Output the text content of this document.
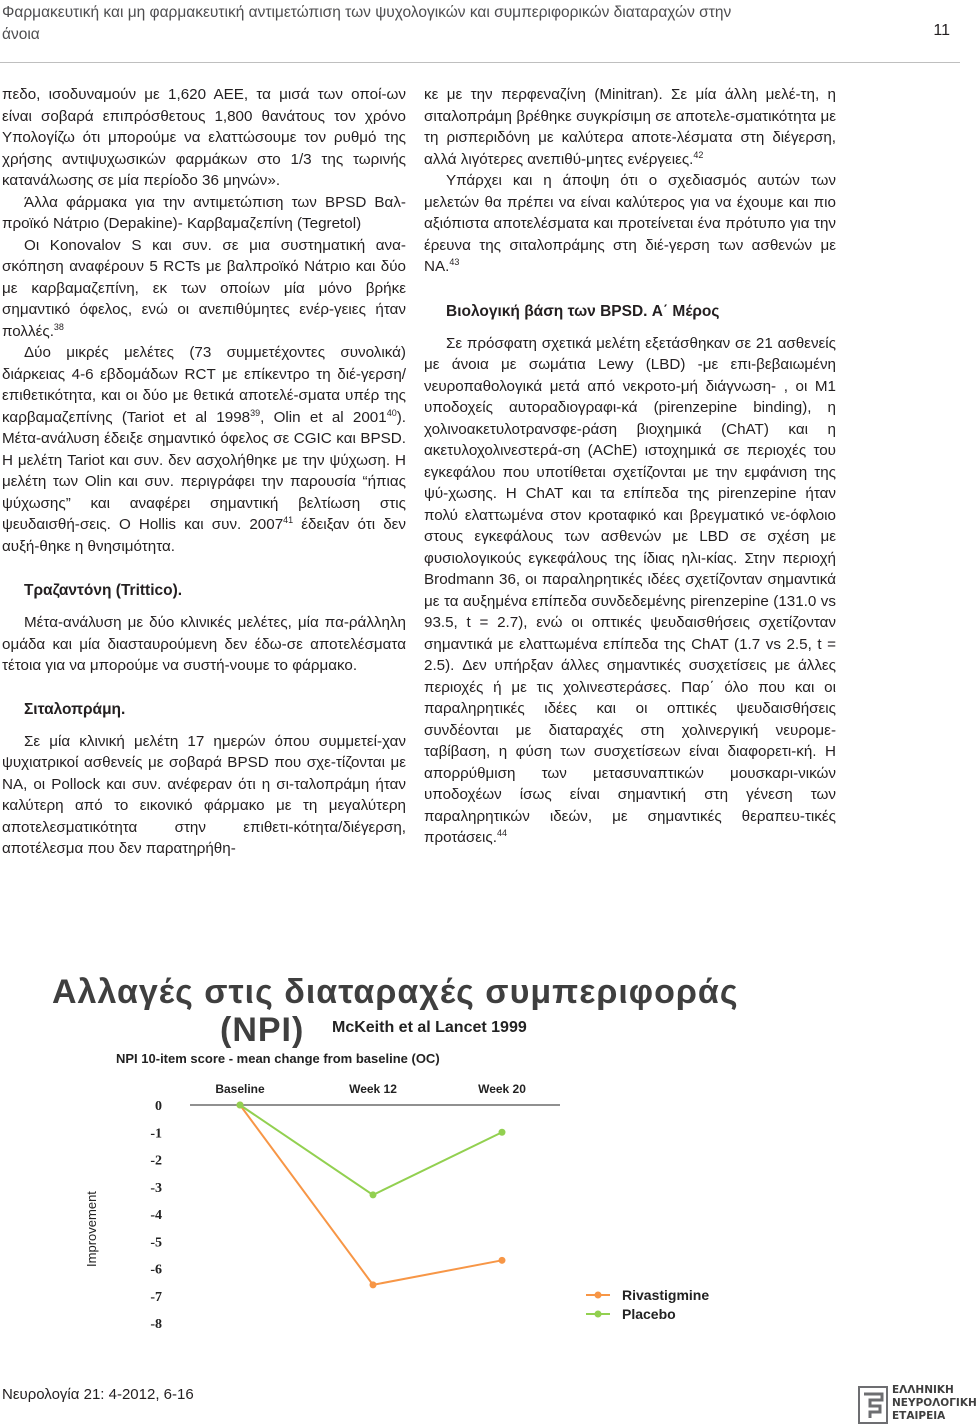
Φαρμακευτική και μη φαρμακευτική αντιμετώπιση των ψυχολογικών και συμπεριφορικών διαταραχών στην άνοια	11

πεδο, ισοδυναμούν με 1,620 ΑΕΕ, τα μισά των οποί-ων είναι σοβαρά επιπρόσθετους 1,800 θανάτους τον χρόνο Υπολογίζω ότι μπορούμε να ελαττώσουμε τον ρυθμό της χρήσης αντιψυχωσικών φαρμάκων στο 1/3 της τωρινής κατανάλωσης σε μία περίοδο 36 μηνών».

Άλλα φάρμακα για την αντιμετώπιση των BPSD Βαλ-προϊκό Νάτριο (Depakine)- Καρβαμαζεπίνη (Tegretol)

Οι Konovalov S και συν. σε μια συστηματική ανα-σκόπηση αναφέρουν 5 RCTs με βαλπροϊκό Νάτριο και δύο με καρβαμαζεπίνη, εκ των οποίων μία μόνο βρήκε σημαντικό όφελος, ενώ οι ανεπιθύμητες ενέρ-γειες ήταν πολλές.$^{38}$

Δύο μικρές μελέτες (73 συμμετέχοντες συνολικά) διάρκειας 4-6 εβδομάδων RCT με επίκεντρο τη διέ-γερση/επιθετικότητα, και οι δύο με θετικά αποτελέ-σματα υπέρ της καρβαμαζεπίνης (Tariot et al 1998$^{39}$, Olin et al 2001$^{40}$). Μέτα-ανάλυση έδειξε σημαντικό όφελος σε CGIC και BPSD. Η μελέτη Tariot και συν. δεν ασχολήθηκε με την ψύχωση. Η μελέτη των Olin και συν. περιγράφει την παρουσία “ήπιας ψύχωσης” και αναφέρει σημαντική βελτίωση στις ψευδαισθή-σεις. Ο Hollis και συν. 2007$^{41}$ έδειξαν ότι δεν αυξή-θηκε η θνησιμότητα.

Τραζαντόνη (Trittico).

Μέτα-ανάλυση με δύο κλινικές μελέτες, μία πα-ράλληλη ομάδα και μία διασταυρούμενη δεν έδω-σε αποτελέσματα τέτοια για να μπορούμε να συστή-νουμε το φάρμακο.

Σιταλοπράμη.

Σε μία κλινική μελέτη 17 ημερών όπου συμμετεί-χαν ψυχιατρικοί ασθενείς με σοβαρά BPSD που σχε-τίζονται με NA, οι Pollock και συν. ανέφεραν ότι η σι-ταλοπράμη ήταν καλύτερη από το εικονικό φάρμακο με τη μεγαλύτερη αποτελεσματικότητα στην επιθετι-κότητα/διέγερση, αποτέλεσμα που δεν παρατηρήθη-

κε με την περφεναζίνη (Minitran). Σε μία άλλη μελέ-τη, η σιταλοπράμη βρέθηκε συγκρίσιμη σε αποτελε-σματικότητα με τη ρισπεριδόνη με καλύτερα αποτε-λέσματα στη διέγερση, αλλά λιγότερες ανεπιθύ-μητες ενέργειες.$^{42}$

Υπάρχει και η άποψη ότι ο σχεδιασμός αυτών των μελετών θα πρέπει να είναι καλύτερος για να έχουμε και πιο αξιόπιστα αποτελέσματα και προτείνεται ένα πρότυπο για την έρευνα της σιταλοπράμης στη διέ-γερση των ασθενών με ΝΑ.$^{43}$

Βιολογική βάση των BPSD. Α΄ Μέρος

Σε πρόσφατη σχετικά μελέτη εξετάσθηκαν σε 21 ασθενείς με άνοια με σωμάτια Lewy (LBD) -με επι-βεβαιωμένη νευροπαθολογικά μετά από νεκροτο-μή διάγνωση- , οι Μ1 υποδοχείς αυτοραδιογραφι-κά (pirenzepine binding), η χολινοακετυλοτρανσφε-ράση βιοχημικά (ChAT) και η ακετυλοχολινεστερά-ση (AChE) ιστοχημικά σε περιοχές του εγκεφάλου που υποτίθεται σχετίζονται με την εμφάνιση της ψύ-χωσης. Η ChAT και τα επίπεδα της pirenzepine ήταν πολύ ελαττωμένα στον κροταφικό και βρεγματικό νε-όφλοιο στους εγκεφάλους των ασθενών με LBD σε σχέση με φυσιολογικούς εγκεφάλους της ίδιας ηλι-κίας. Στην περιοχή Brodmann 36, οι παραληρητικές ιδέες σχετίζονταν σημαντικά με τα αυξημένα επίπεδα συνδεδεμένης pirenzepine (131.0 vs 93.5, t = 2.7), ενώ οι οπτικές ψευδαισθήσεις σχετίζονταν σημαντικά με ελαττωμένα επίπεδα της ChAT (1.7 vs 2.5, t = 2.5). Δεν υπήρξαν άλλες σημαντικές συσχετίσεις με άλλες περιοχές ή με τις χολινεστεράσες. Παρ΄ όλο που και οι παραληρητικές ιδέες και οι οπτικές ψευδαισθήσεις συνδέονται με διαταραχές στη χολινεργική νευρομε-ταβίβαση, η φύση των συσχετίσεων είναι διαφορετι-κή. Η απορρύθμιση των μετασυναπτικών μουσκαρι-νικών υποδοχέων ίσως είναι σημαντική στη γένεση των παραληρητικών ιδεών, με σημαντικές θεραπευ-τικές προτάσεις.$^{44}$

Αλλαγές στις διαταραχές συμπεριφοράς
(NPI) McKeith et al Lancet 1999
NPI 10-item score - mean change from baseline (OC)
Baseline	Week 12	Week 20
0
-1
-2
-3
-4
-5
-6
-7
-8
Improvement
Rivastigmine
Placebo
Νευρολογία 21: 4-2012, 6-16	ΕΛΛΗΝΙΚΗ
ΝΕΥΡΟΛΟΓΙΚΗ
ΕΤΑΙΡΕΙΑ
